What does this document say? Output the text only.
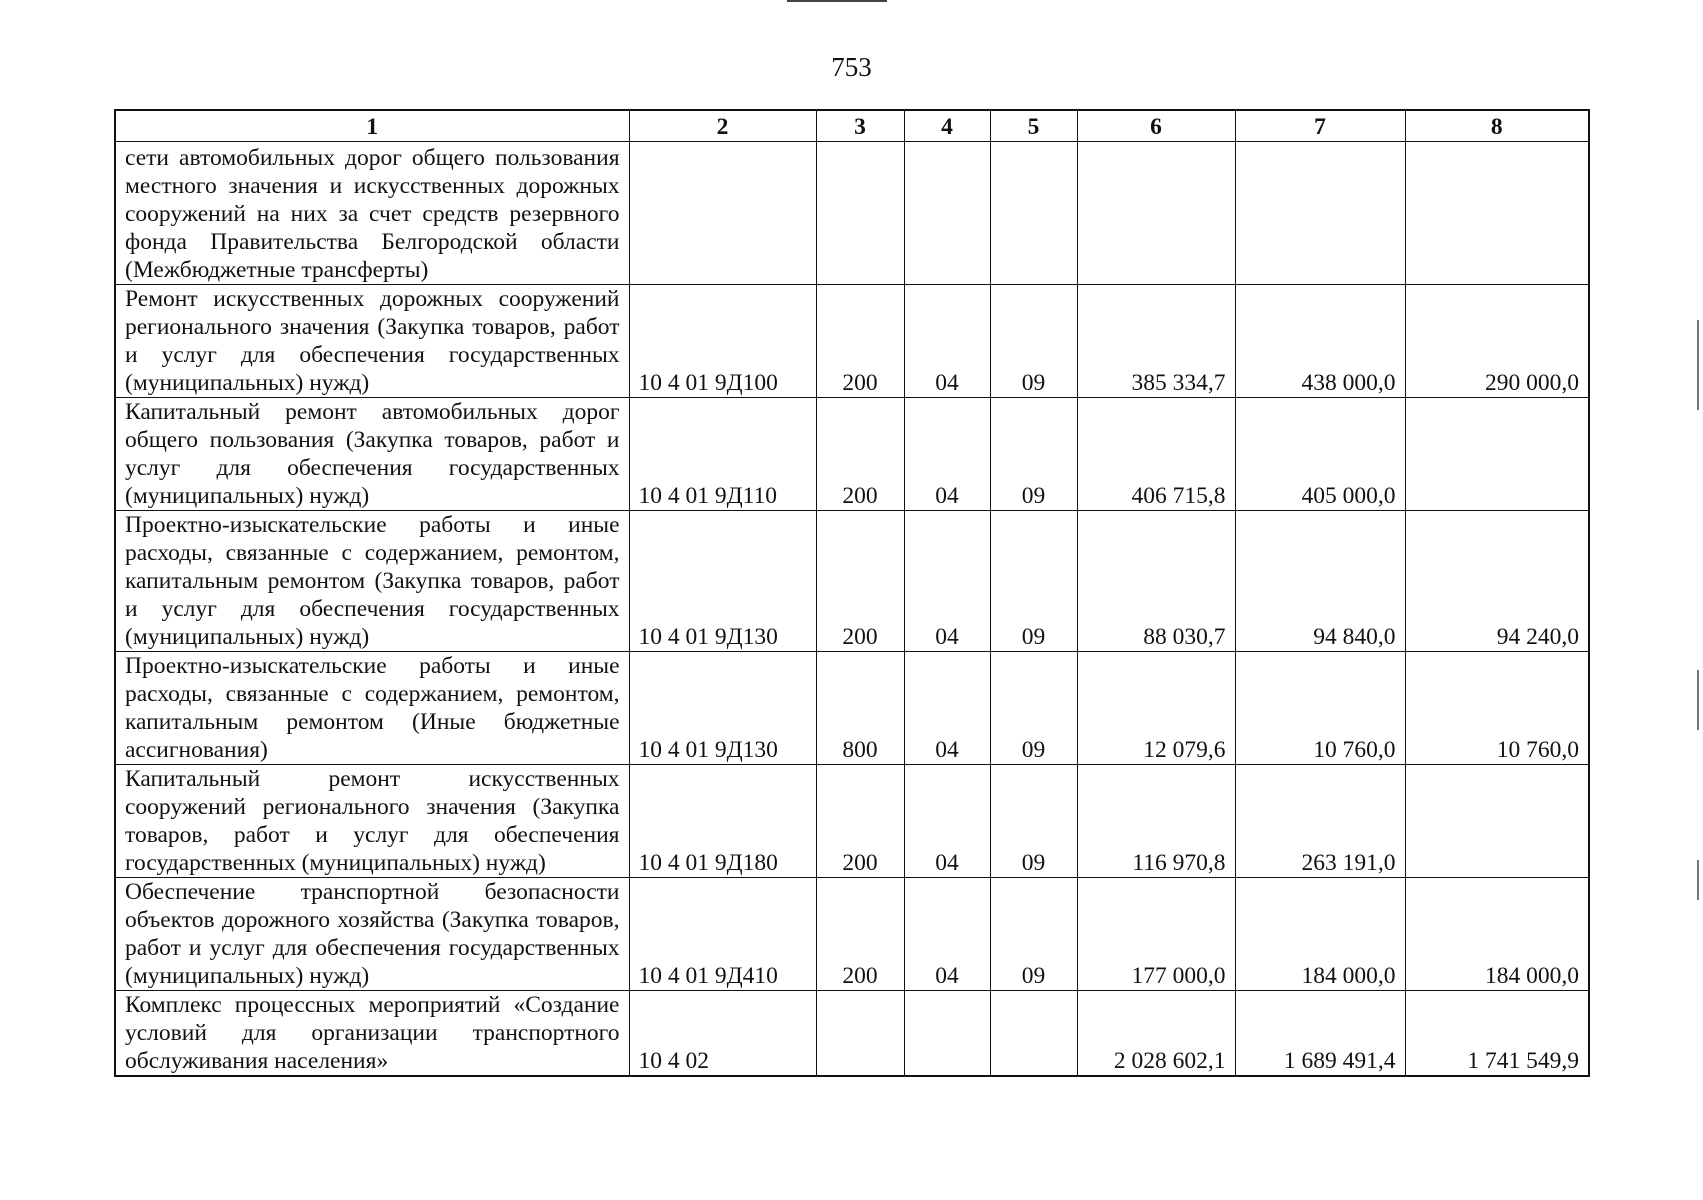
753
1	2	3	4	5	6	7	8
сети автомобильных дорог общего пользования местного значения и искусственных дорожных сооружений на них за счет средств резервного фонда Правительства Белгородской области (Межбюджетные трансферты)							
Ремонт искусственных дорожных сооружений регионального значения (Закупка товаров, работ и услуг для обеспечения государственных (муниципальных) нужд)	10 4 01 9Д100	200	04	09	385 334,7	438 000,0	290 000,0
Капитальный ремонт автомобильных дорог общего пользования (Закупка товаров, работ и услуг для обеспечения государственных (муниципальных) нужд)	10 4 01 9Д110	200	04	09	406 715,8	405 000,0	
Проектно-изыскательские работы и иные расходы, связанные с содержанием, ремонтом, капитальным ремонтом (Закупка товаров, работ и услуг для обеспечения государственных (муниципальных) нужд)	10 4 01 9Д130	200	04	09	88 030,7	94 840,0	94 240,0
Проектно-изыскательские работы и иные расходы, связанные с содержанием, ремонтом, капитальным ремонтом (Иные бюджетные ассигнования)	10 4 01 9Д130	800	04	09	12 079,6	10 760,0	10 760,0
Капитальный ремонт искусственных сооружений регионального значения (Закупка товаров, работ и услуг для обеспечения государственных (муниципальных) нужд)	10 4 01 9Д180	200	04	09	116 970,8	263 191,0	
Обеспечение транспортной безопасности объектов дорожного хозяйства (Закупка товаров, работ и услуг для обеспечения государственных (муниципальных) нужд)	10 4 01 9Д410	200	04	09	177 000,0	184 000,0	184 000,0
Комплекс процессных мероприятий «Создание условий для организации транспортного обслуживания населения»	10 4 02				2 028 602,1	1 689 491,4	1 741 549,9
